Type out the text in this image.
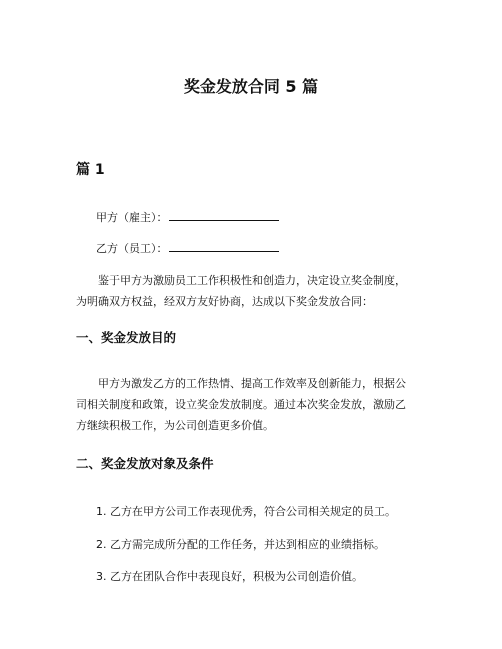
奖金发放合同 5 篇
篇 1
甲方（雇主）：
乙方（员工）：
鉴于甲方为激励员工工作积极性和创造力，决定设立奖金制度，
为明确双方权益，经双方友好协商，达成以下奖金发放合同：
一、奖金发放目的
甲方为激发乙方的工作热情、提高工作效率及创新能力，根据公
司相关制度和政策，设立奖金发放制度。通过本次奖金发放，激励乙
方继续积极工作，为公司创造更多价值。
二、奖金发放对象及条件
1. 乙方在甲方公司工作表现优秀，符合公司相关规定的员工。
2. 乙方需完成所分配的工作任务，并达到相应的业绩指标。
3. 乙方在团队合作中表现良好，积极为公司创造价值。
